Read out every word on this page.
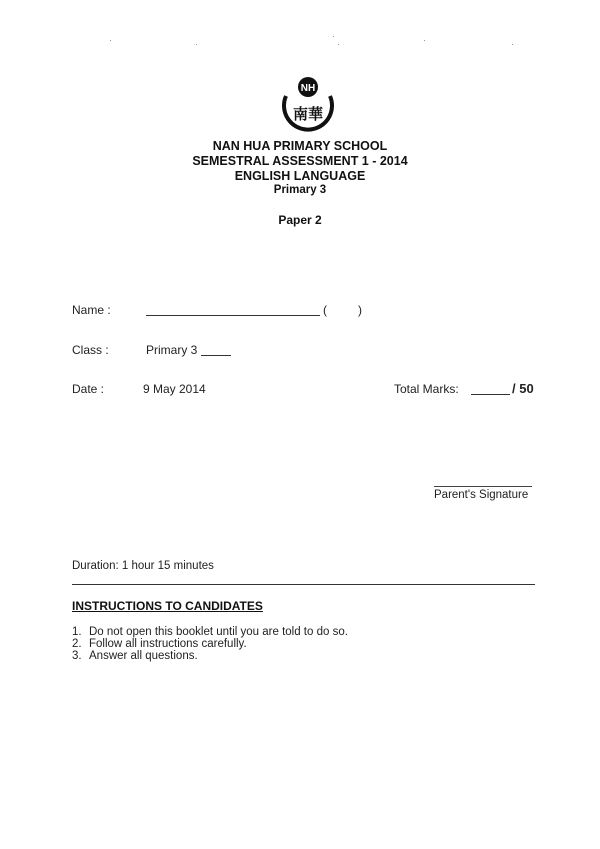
NH
南華
NAN HUA PRIMARY SCHOOL
SEMESTRAL ASSESSMENT 1 - 2014
ENGLISH LANGUAGE
Primary 3
Paper 2
Name :	(	)
Class :	Primary 3
Date :	9 May 2014	Total Marks:	/ 50
Parent's Signature
Duration: 1 hour 15 minutes
INSTRUCTIONS TO CANDIDATES
1. Do not open this booklet until you are told to do so.
2. Follow all instructions carefully.
3. Answer all questions.
